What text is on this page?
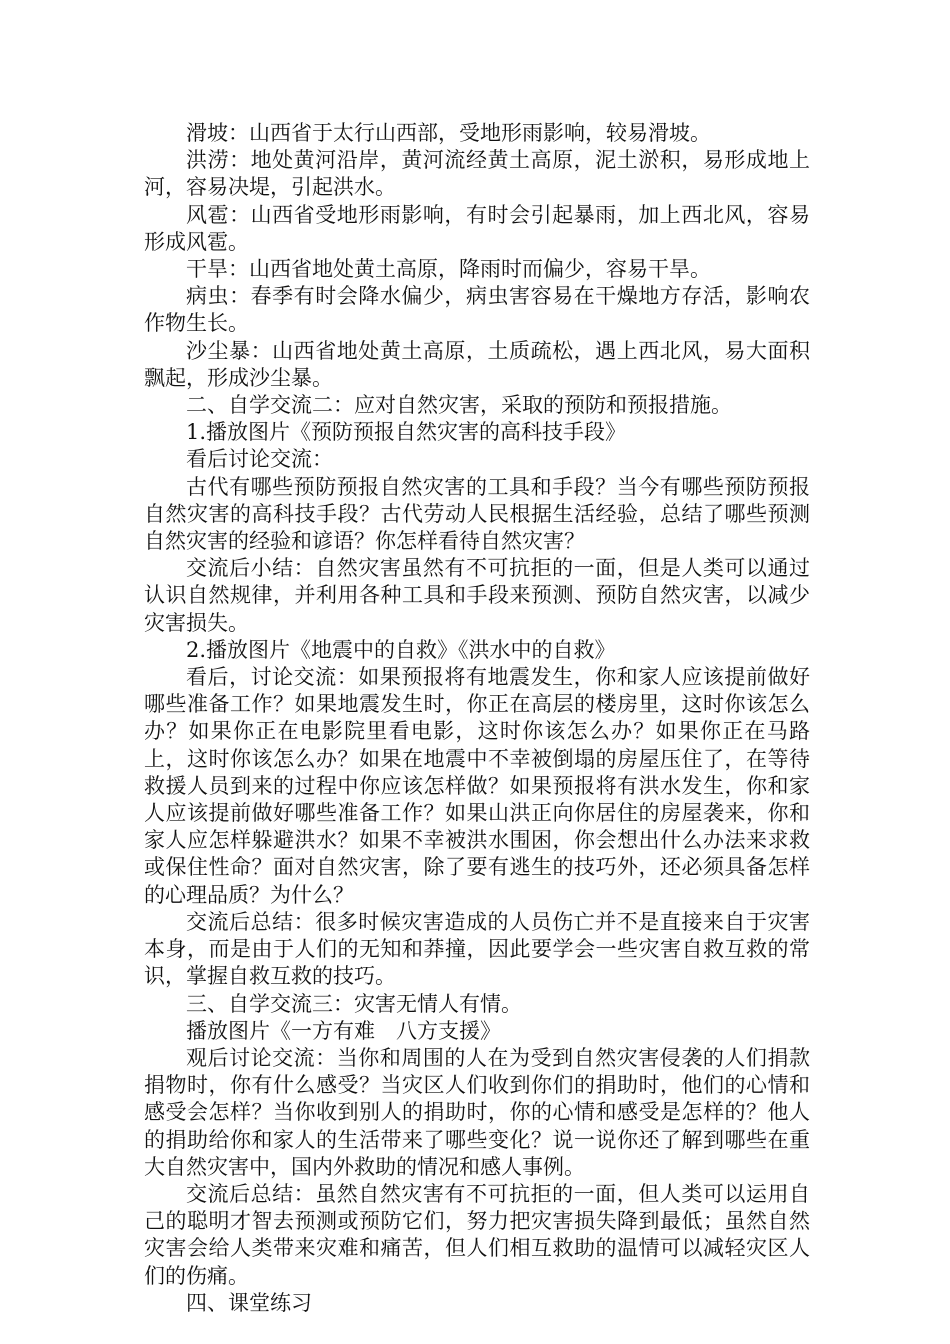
滑坡：山西省于太行山西部，受地形雨影响，较易滑坡。

洪涝：地处黄河沿岸，黄河流经黄土高原，泥土淤积，易形成地上河，容易决堤，引起洪水。

风雹：山西省受地形雨影响，有时会引起暴雨，加上西北风，容易形成风雹。

干旱：山西省地处黄土高原，降雨时而偏少，容易干旱。

病虫：春季有时会降水偏少，病虫害容易在干燥地方存活，影响农作物生长。

沙尘暴：山西省地处黄土高原，土质疏松，遇上西北风，易大面积飘起，形成沙尘暴。

二、自学交流二：应对自然灾害，采取的预防和预报措施。

1.播放图片《预防预报自然灾害的高科技手段》

看后讨论交流：

古代有哪些预防预报自然灾害的工具和手段？当今有哪些预防预报自然灾害的高科技手段？古代劳动人民根据生活经验，总结了哪些预测自然灾害的经验和谚语？你怎样看待自然灾害？

交流后小结：自然灾害虽然有不可抗拒的一面，但是人类可以通过认识自然规律，并利用各种工具和手段来预测、预防自然灾害，以减少灾害损失。

2.播放图片《地震中的自救》《洪水中的自救》

看后，讨论交流：如果预报将有地震发生，你和家人应该提前做好哪些准备工作？如果地震发生时，你正在高层的楼房里，这时你该怎么办？如果你正在电影院里看电影，这时你该怎么办？如果你正在马路上，这时你该怎么办？如果在地震中不幸被倒塌的房屋压住了，在等待救援人员到来的过程中你应该怎样做？如果预报将有洪水发生，你和家人应该提前做好哪些准备工作？如果山洪正向你居住的房屋袭来，你和家人应怎样躲避洪水？如果不幸被洪水围困，你会想出什么办法来求救或保住性命？面对自然灾害，除了要有逃生的技巧外，还必须具备怎样的心理品质？为什么？

交流后总结：很多时候灾害造成的人员伤亡并不是直接来自于灾害本身，而是由于人们的无知和莽撞，因此要学会一些灾害自救互救的常识，掌握自救互救的技巧。

三、自学交流三：灾害无情人有情。

播放图片《一方有难　八方支援》

观后讨论交流：当你和周围的人在为受到自然灾害侵袭的人们捐款捐物时，你有什么感受？当灾区人们收到你们的捐助时，他们的心情和感受会怎样？当你收到别人的捐助时，你的心情和感受是怎样的？他人的捐助给你和家人的生活带来了哪些变化？说一说你还了解到哪些在重大自然灾害中，国内外救助的情况和感人事例。

交流后总结：虽然自然灾害有不可抗拒的一面，但人类可以运用自己的聪明才智去预测或预防它们，努力把灾害损失降到最低；虽然自然灾害会给人类带来灾难和痛苦，但人们相互救助的温情可以减轻灾区人们的伤痛。

四、课堂练习
